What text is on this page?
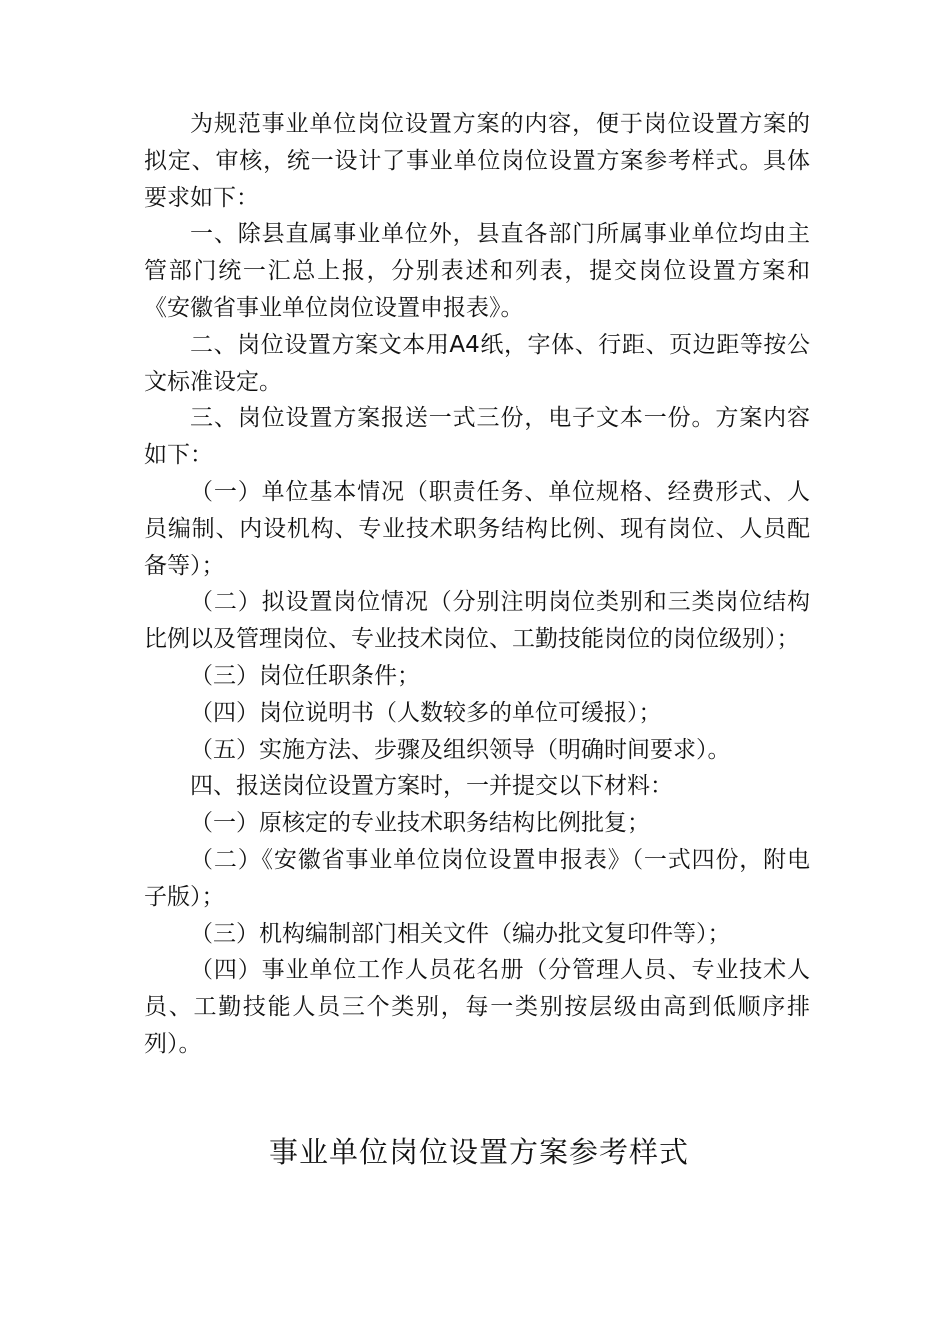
为规范事业单位岗位设置方案的内容，便于岗位设置方案的拟定、审核，统一设计了事业单位岗位设置方案参考样式。具体要求如下：

一、除县直属事业单位外，县直各部门所属事业单位均由主管部门统一汇总上报，分别表述和列表，提交岗位设置方案和《安徽省事业单位岗位设置申报表》。

二、岗位设置方案文本用A4纸，字体、行距、页边距等按公文标准设定。

三、岗位设置方案报送一式三份，电子文本一份。方案内容如下：

（一）单位基本情况（职责任务、单位规格、经费形式、人员编制、内设机构、专业技术职务结构比例、现有岗位、人员配备等）；

（二）拟设置岗位情况（分别注明岗位类别和三类岗位结构比例以及管理岗位、专业技术岗位、工勤技能岗位的岗位级别）；

（三）岗位任职条件；

（四）岗位说明书（人数较多的单位可缓报）；

（五）实施方法、步骤及组织领导（明确时间要求）。

四、报送岗位设置方案时，一并提交以下材料：

（一）原核定的专业技术职务结构比例批复；

（二）《安徽省事业单位岗位设置申报表》（一式四份，附电子版）；

（三）机构编制部门相关文件（编办批文复印件等）；

（四）事业单位工作人员花名册（分管理人员、专业技术人员、工勤技能人员三个类别，每一类别按层级由高到低顺序排列）。

事业单位岗位设置方案参考样式
